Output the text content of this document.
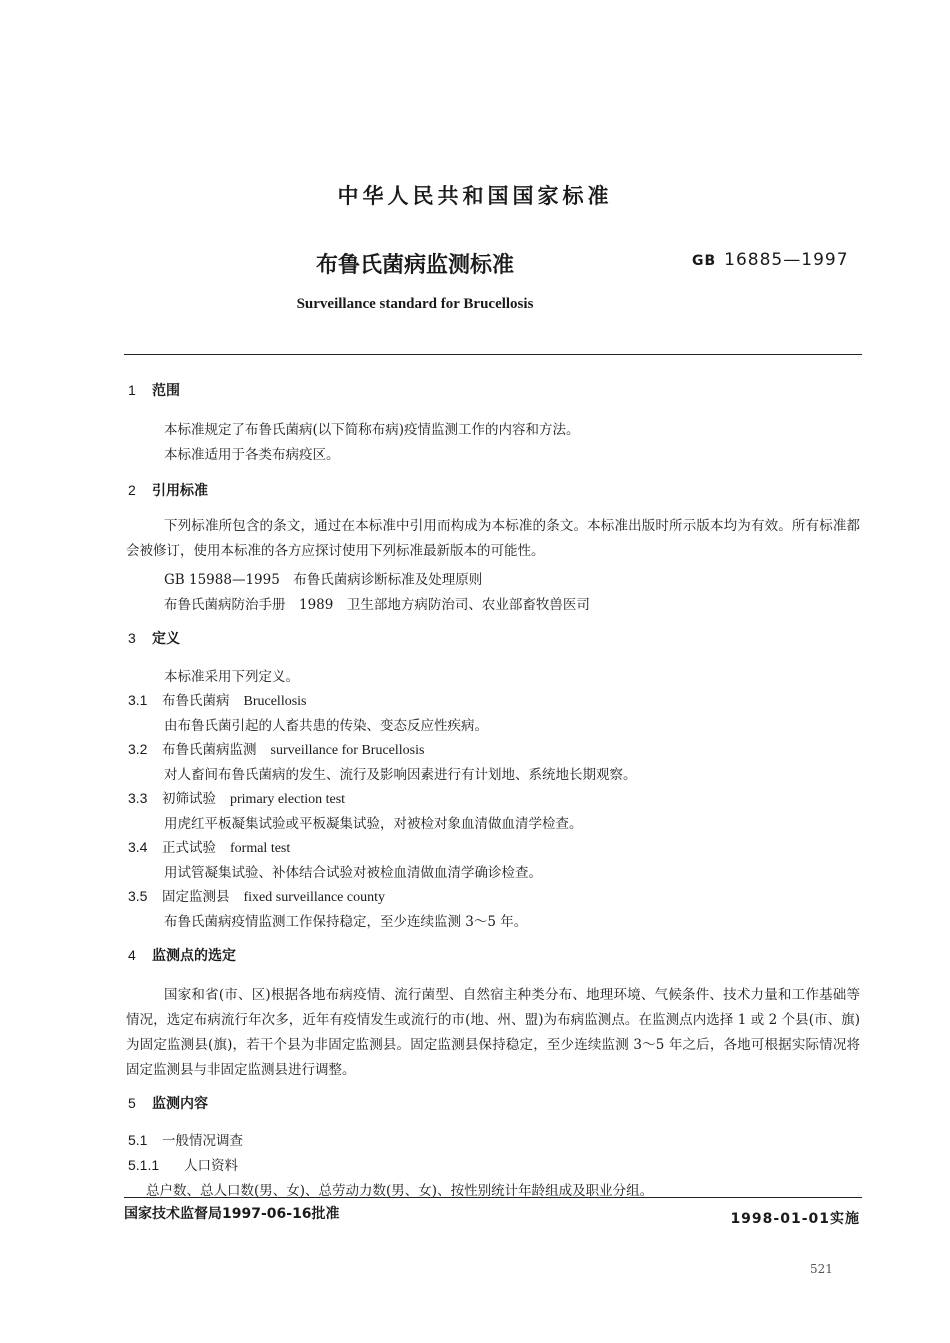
中华人民共和国国家标准
布鲁氏菌病监测标准	GB 16885—1997
Surveillance standard for Brucellosis
1 范围
本标准规定了布鲁氏菌病(以下简称布病)疫情监测工作的内容和方法。
本标准适用于各类布病疫区。
2 引用标准
下列标准所包含的条文，通过在本标准中引用而构成为本标准的条文。本标准出版时所示版本均为有效。所有标准都会被修订，使用本标准的各方应探讨使用下列标准最新版本的可能性。
GB 15988—1995　布鲁氏菌病诊断标准及处理原则
布鲁氏菌病防治手册　1989　卫生部地方病防治司、农业部畜牧兽医司
3 定义
本标准采用下列定义。
3.1 布鲁氏菌病 Brucellosis
由布鲁氏菌引起的人畜共患的传染、变态反应性疾病。
3.2 布鲁氏菌病监测 surveillance for Brucellosis
对人畜间布鲁氏菌病的发生、流行及影响因素进行有计划地、系统地长期观察。
3.3 初筛试验 primary election test
用虎红平板凝集试验或平板凝集试验，对被检对象血清做血清学检查。
3.4 正式试验 formal test
用试管凝集试验、补体结合试验对被检血清做血清学确诊检查。
3.5 固定监测县 fixed surveillance county
布鲁氏菌病疫情监测工作保持稳定，至少连续监测 3～5 年。
4 监测点的选定
国家和省(市、区)根据各地布病疫情、流行菌型、自然宿主种类分布、地理环境、气候条件、技术力量和工作基础等情况，选定布病流行年次多，近年有疫情发生或流行的市(地、州、盟)为布病监测点。在监测点内选择 1 或 2 个县(市、旗)为固定监测县(旗)，若干个县为非固定监测县。固定监测县保持稳定，至少连续监测 3～5 年之后，各地可根据实际情况将固定监测县与非固定监测县进行调整。
5 监测内容
5.1 一般情况调查
5.1.1 人口资料
总户数、总人口数(男、女)、总劳动力数(男、女)、按性别统计年龄组成及职业分组。
国家技术监督局1997-06-16批准	1998-01-01实施
521
